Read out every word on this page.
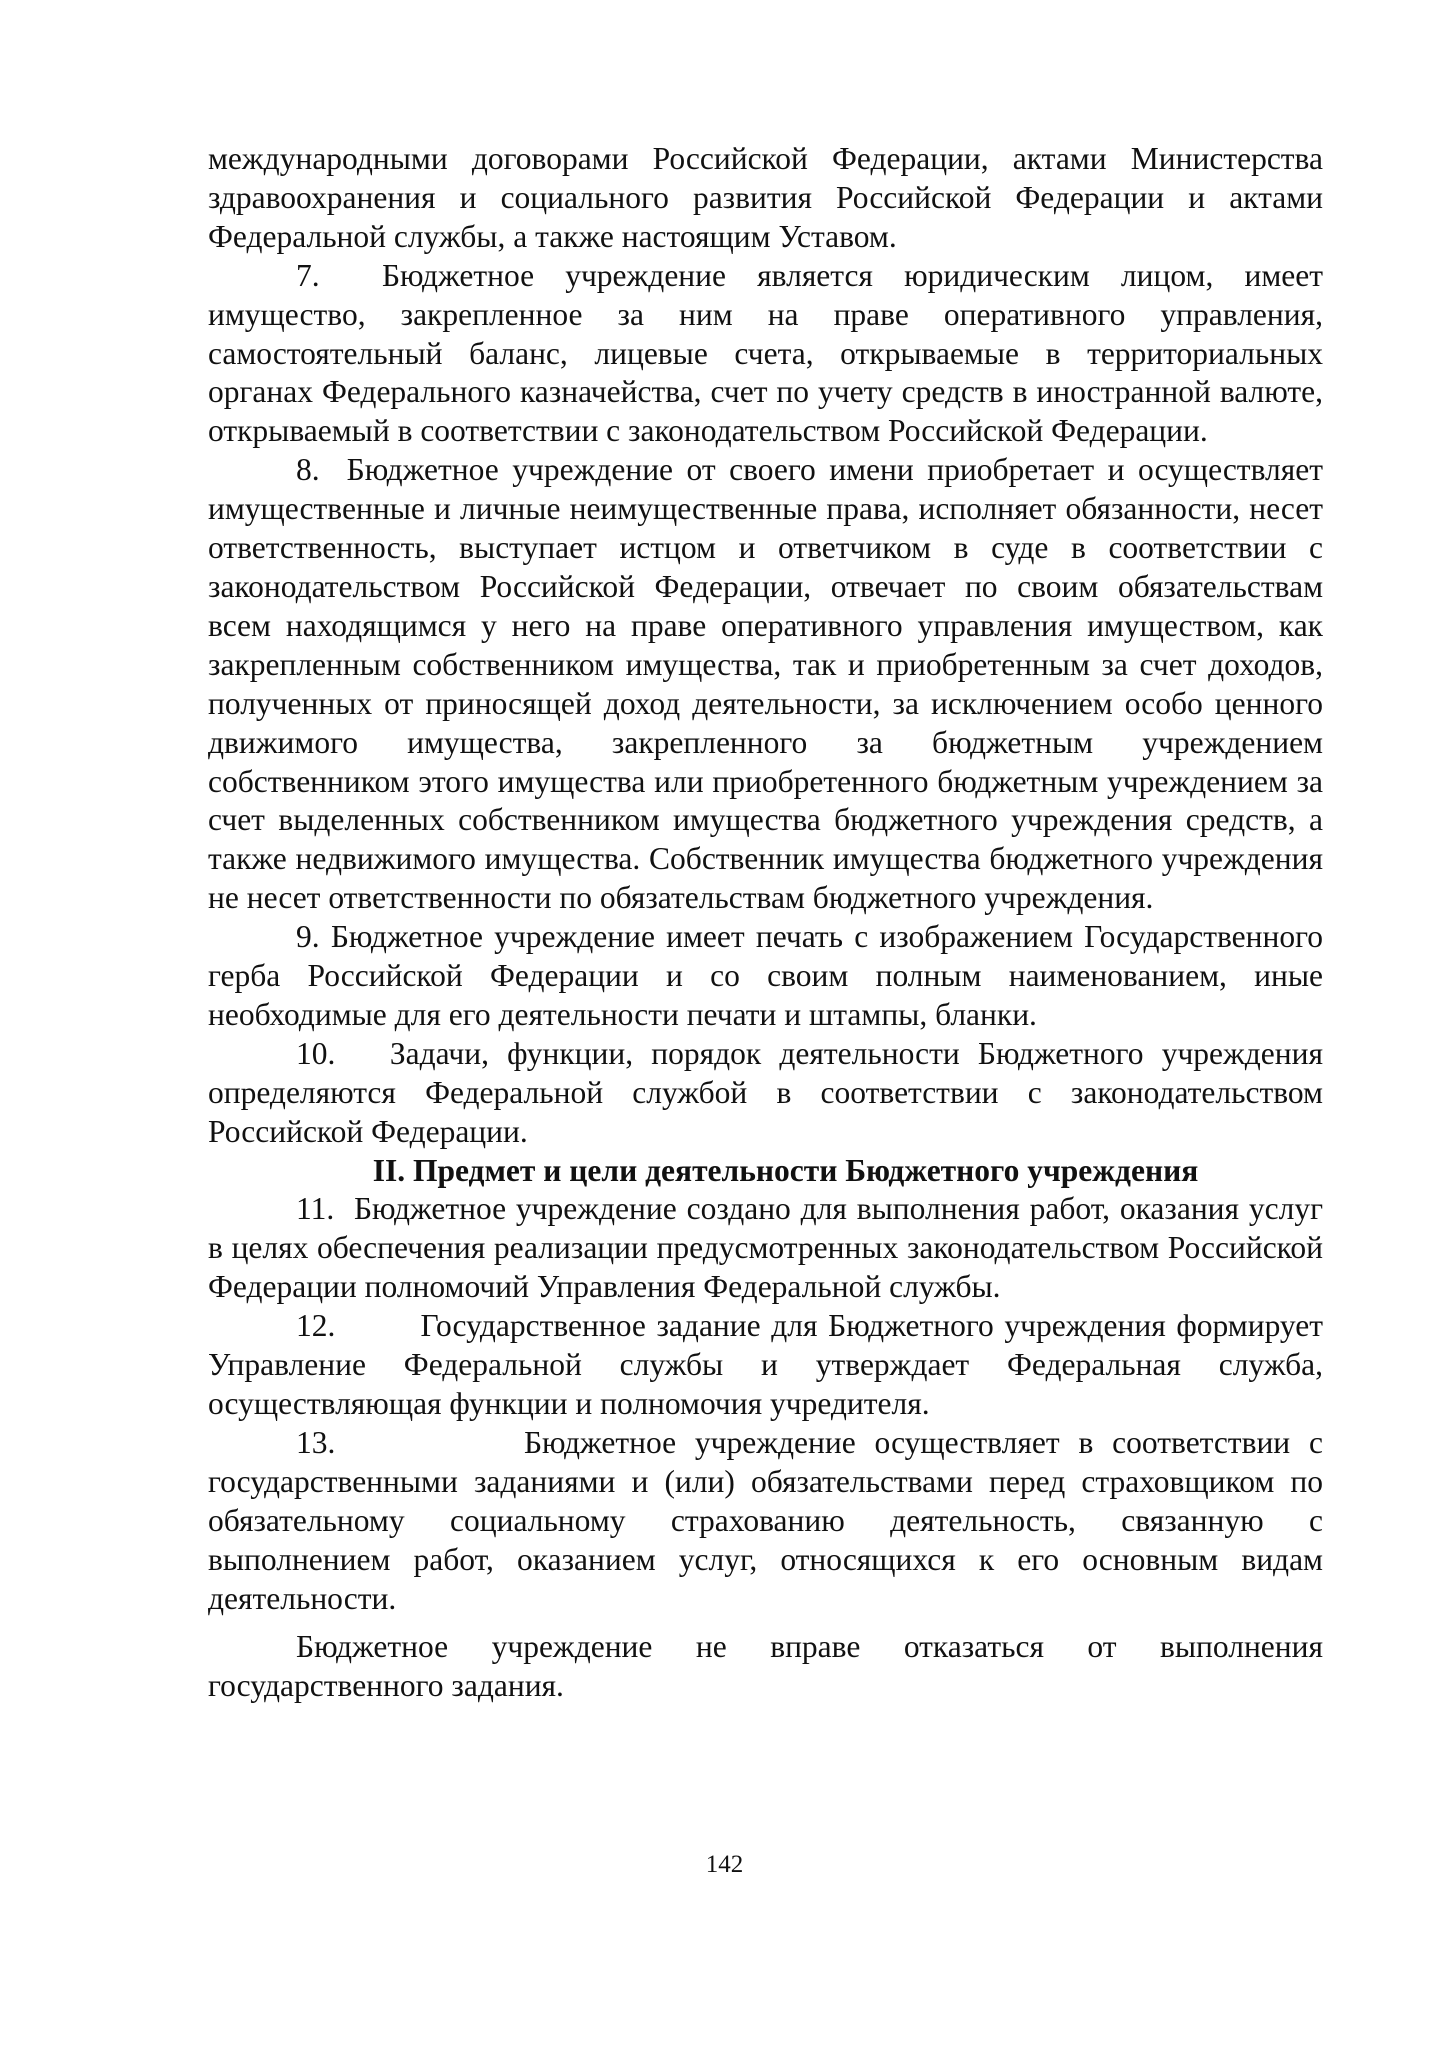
международными договорами Российской Федерации, актами Министерства здравоохранения и социального развития Российской Федерации и актами Федеральной службы, а также настоящим Уставом.

7. Бюджетное учреждение является юридическим лицом, имеет имущество, закрепленное за ним на праве оперативного управления, самостоятельный баланс, лицевые счета, открываемые в территориальных органах Федерального казначейства, счет по учету средств в иностранной валюте, открываемый в соответствии с законодательством Российской Федерации.

8. Бюджетное учреждение от своего имени приобретает и осуществляет имущественные и личные неимущественные права, исполняет обязанности, несет ответственность, выступает истцом и ответчиком в суде в соответствии с законодательством Российской Федерации, отвечает по своим обязательствам всем находящимся у него на праве оперативного управления имуществом, как закрепленным собственником имущества, так и приобретенным за счет доходов, полученных от приносящей доход деятельности, за исключением особо ценного движимого имущества, закрепленного за бюджетным учреждением собственником этого имущества или приобретенного бюджетным учреждением за счет выделенных собственником имущества бюджетного учреждения средств, а также недвижимого имущества. Собственник имущества бюджетного учреждения не несет ответственности по обязательствам бюджетного учреждения.

9. Бюджетное учреждение имеет печать с изображением Государственного герба Российской Федерации и со своим полным наименованием, иные необходимые для его деятельности печати и штампы, бланки.

10. Задачи, функции, порядок деятельности Бюджетного учреждения определяются Федеральной службой в соответствии с законодательством Российской Федерации.

II. Предмет и цели деятельности Бюджетного учреждения

11. Бюджетное учреждение создано для выполнения работ, оказания услуг в целях обеспечения реализации предусмотренных законодательством Российской Федерации полномочий Управления Федеральной службы.

12.	Государственное задание для Бюджетного учреждения формирует Управление Федеральной службы и утверждает Федеральная служба, осуществляющая функции и полномочия учредителя.

13.	Бюджетное учреждение осуществляет в соответствии с государственными заданиями и (или) обязательствами перед страховщиком по обязательному социальному страхованию деятельность, связанную с выполнением работ, оказанием услуг, относящихся к его основным видам деятельности.

Бюджетное учреждение не вправе отказаться от выполнения государственного задания.

142
